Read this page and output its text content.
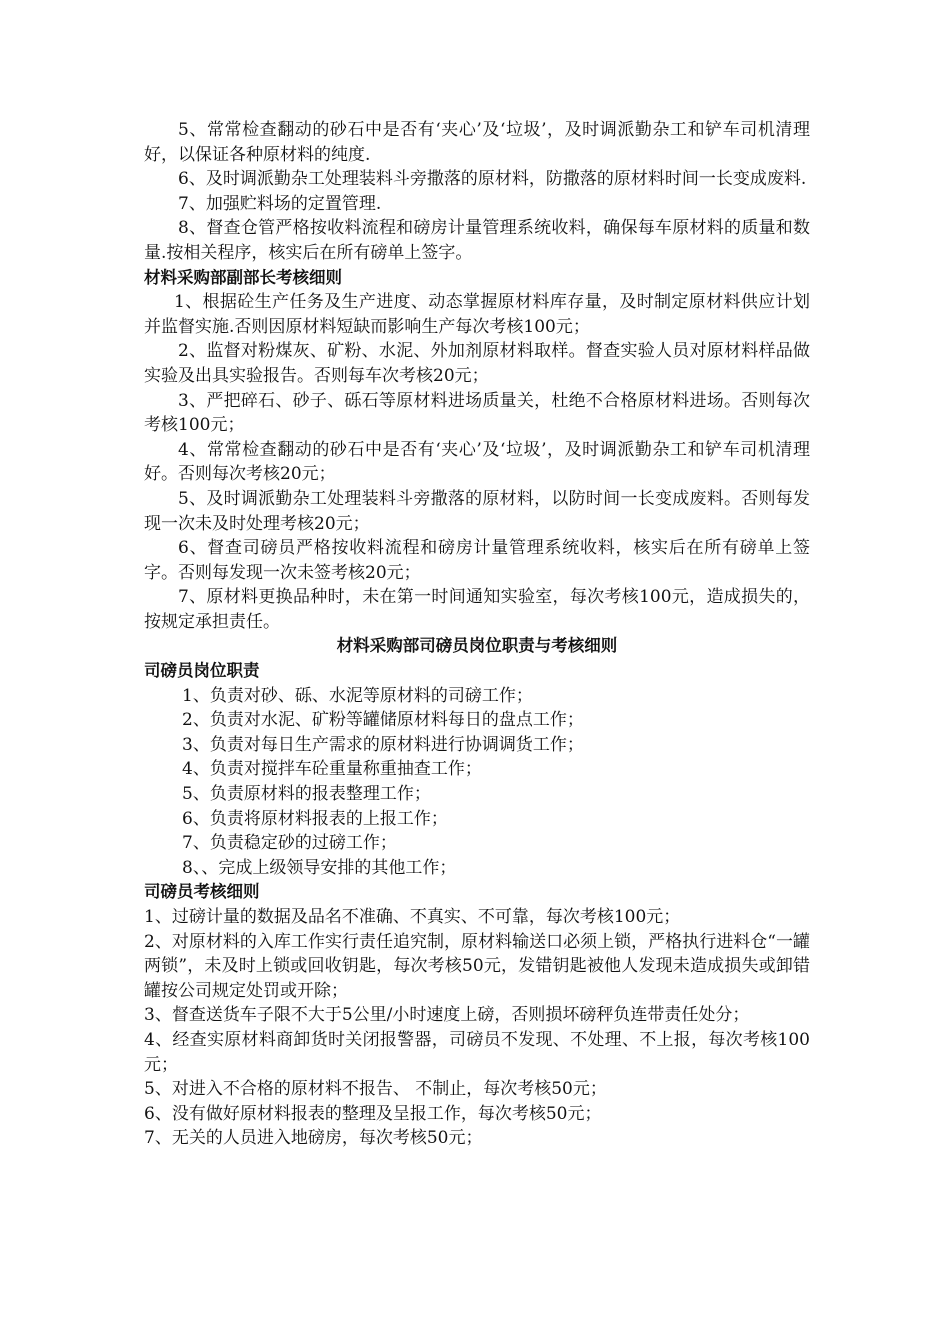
5、常常检查翻动的砂石中是否有‘夹心’及‘垃圾’，及时调派勤杂工和铲车司机清理好，以保证各种原材料的纯度.

6、及时调派勤杂工处理装料斗旁撒落的原材料，防撒落的原材料时间一长变成废料.

7、加强贮料场的定置管理.

8、督查仓管严格按收料流程和磅房计量管理系统收料，确保每车原材料的质量和数量.按相关程序，核实后在所有磅单上签字。

材料采购部副部长考核细则

1、根据砼生产任务及生产进度、动态掌握原材料库存量，及时制定原材料供应计划并监督实施.否则因原材料短缺而影响生产每次考核100元；

2、监督对粉煤灰、矿粉、水泥、外加剂原材料取样。督查实验人员对原材料样品做实验及出具实验报告。否则每车次考核20元；

3、严把碎石、砂子、砾石等原材料进场质量关，杜绝不合格原材料进场。否则每次考核100元；

4、常常检查翻动的砂石中是否有‘夹心’及‘垃圾’，及时调派勤杂工和铲车司机清理好。否则每次考核20元；

5、及时调派勤杂工处理装料斗旁撒落的原材料，以防时间一长变成废料。否则每发现一次未及时处理考核20元；

6、督查司磅员严格按收料流程和磅房计量管理系统收料，核实后在所有磅单上签字。否则每发现一次未签考核20元；

7、原材料更换品种时，未在第一时间通知实验室，每次考核100元，造成损失的，按规定承担责任。

材料采购部司磅员岗位职责与考核细则

司磅员岗位职责

1、负责对砂、砾、水泥等原材料的司磅工作；

2、负责对水泥、矿粉等罐储原材料每日的盘点工作；

3、负责对每日生产需求的原材料进行协调调货工作；

4、负责对搅拌车砼重量称重抽查工作；

5、负责原材料的报表整理工作；

6、负责将原材料报表的上报工作；

7、负责稳定砂的过磅工作；

8、、完成上级领导安排的其他工作；

司磅员考核细则

1、过磅计量的数据及品名不准确、不真实、不可靠，每次考核100元；

2、对原材料的入库工作实行责任追究制，原材料输送口必须上锁，严格执行进料仓“一罐两锁”，未及时上锁或回收钥匙，每次考核50元，发错钥匙被他人发现未造成损失或卸错罐按公司规定处罚或开除；

3、督查送货车子限不大于5公里/小时速度上磅，否则损坏磅秤负连带责任处分；

4、经查实原材料商卸货时关闭报警器，司磅员不发现、不处理、不上报，每次考核100元；

5、对进入不合格的原材料不报告、 不制止，每次考核50元；

6、没有做好原材料报表的整理及呈报工作，每次考核50元；

7、无关的人员进入地磅房，每次考核50元；
